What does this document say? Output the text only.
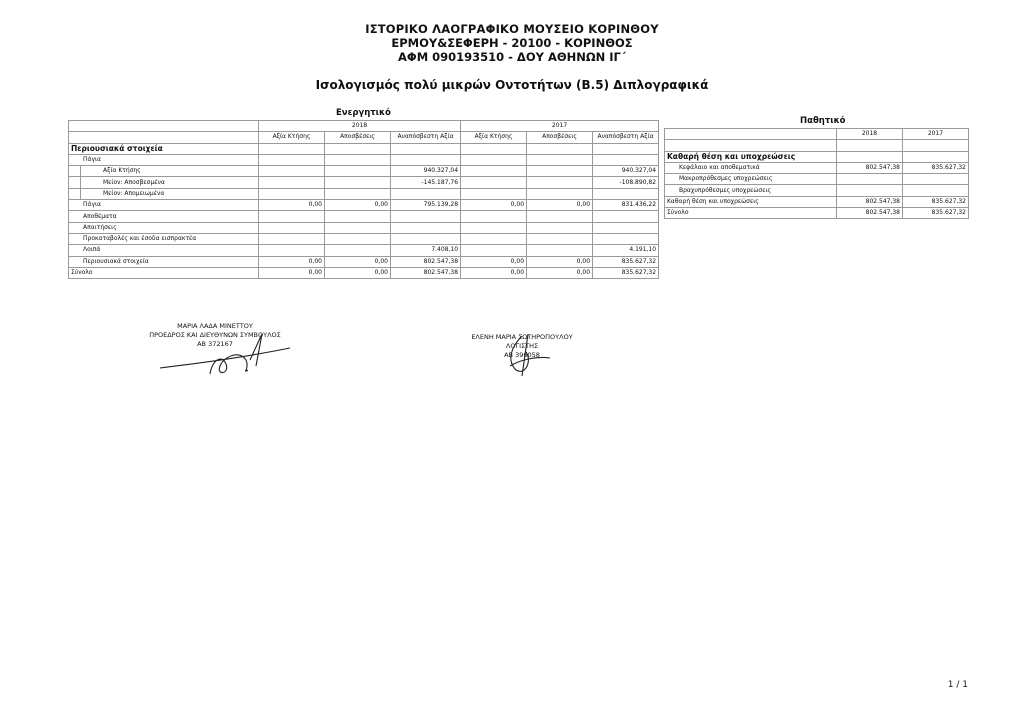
ΙΣΤΟΡΙΚΟ ΛΑΟΓΡΑΦΙΚΟ ΜΟΥΣΕΙΟ ΚΟΡΙΝΘΟΥ
ΕΡΜΟΥ&ΣΕΦΕΡΗ - 20100 - ΚΟΡΙΝΘΟΣ
ΑΦΜ 090193510 - ΔΟΥ ΑΘΗΝΩΝ ΙΓ΄
Ισολογισμός πολύ μικρών Οντοτήτων (Β.5) Διπλογραφικά
Ενεργητικό
Παθητικό
		2018			2017		
		Αξία Κτήσης	Αποσβέσεις	Αναπόσβεστη Αξία	Αξία Κτήσης	Αποσβέσεις	Αναπόσβεστη Αξία
Περιουσιακά στοιχεία							
Πάγια							
	Αξία Κτήσης			940.327,04			940.327,04
	Μείον: Αποσβεσμένα			-145.187,76			-108.890,82
	Μείον: Απομειωμένα						
Πάγια		0,00	0,00	795.139,28	0,00	0,00	831.436,22
Αποθέματα							
Απαιτήσεις							
Προκαταβολές και έσοδα εισπρακτέα							
Λοιπά				7.408,10			4.191,10
Περιουσιακά στοιχεία		0,00	0,00	802.547,38	0,00	0,00	835.627,32
Σύνολο		0,00	0,00	802.547,38	0,00	0,00	835.627,32
	2018	2017

Καθαρή θέση και υποχρεώσεις		
Κεφάλαιο και αποθεματικά	802.547,38	835.627,32
Μακροπρόθεσμες υποχρεώσεις		
Βραχυπρόθεσμες υποχρεώσεις		
Καθαρή θέση και υποχρεώσεις	802.547,38	835.627,32
Σύνολο	802.547,38	835.627,32
ΜΑΡΙΑ ΛΑΔΑ ΜΙΝΕΤΤΟΥ
ΠΡΟΕΔΡΟΣ ΚΑΙ ΔΙΕΥΘΥΝΩΝ ΣΥΜΒΟΥΛΟΣ
ΑΒ 372167
ΕΛΕΝΗ ΜΑΡΙΑ ΣΩΤΗΡΟΠΟΥΛΟΥ
ΛΟΓΙΣΤΗΣ
ΑΒ 396058
1 / 1
